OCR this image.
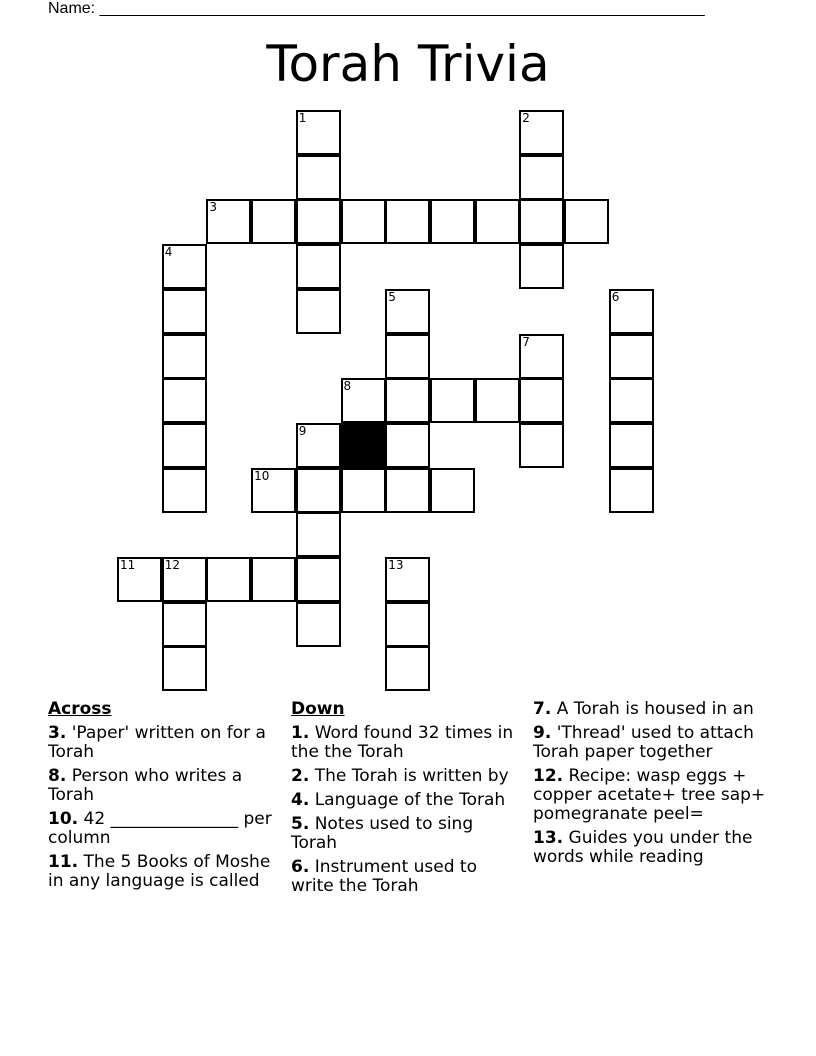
Name: ____________________________________________________________________
Torah Trivia
1	2
3
4
5	6
7
8
9
10
11 12	13
Across
3. 'Paper' written on for a Torah
8. Person who writes a Torah
10. 42 _______________ per column
11. The 5 Books of Moshe in any language is called
Down
1. Word found 32 times in the the Torah
2. The Torah is written by
4. Language of the Torah
5. Notes used to sing Torah
6. Instrument used to write the Torah
7. A Torah is housed in an
9. 'Thread' used to attach Torah paper together
12. Recipe: wasp eggs + copper acetate+ tree sap+ pomegranate peel=
13. Guides you under the words while reading
